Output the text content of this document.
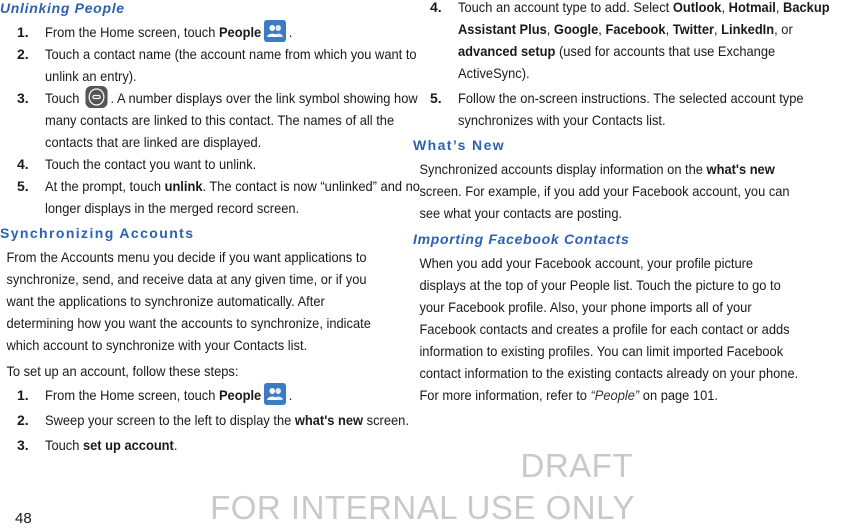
Unlinking People
1. From the Home screen, touch People .
2. Touch a contact name (the account name from which you want to unlink an entry).
3. Touch
. A number displays over the link symbol showing how many contacts are linked to this contact. The names of all the contacts that are linked are displayed.
4. Touch the contact you want to unlink.
5. At the prompt, touch unlink. The contact is now “unlinked” and no longer displays in the merged record screen.
Synchronizing Accounts

From the Accounts menu you decide if you want applications to synchronize, send, and receive data at any given time, or if you want the applications to synchronize automatically. After determining how you want the accounts to synchronize, indicate which account to synchronize with your Contacts list.

To set up an account, follow these steps:

1. From the Home screen, touch People .
2. Sweep your screen to the left to display the what's new screen.
3. Touch set up account.
4. Touch an account type to add. Select Outlook, Hotmail, Backup Assistant Plus, Google, Facebook, Twitter, LinkedIn, or advanced setup (used for accounts that use Exchange ActiveSync).
5. Follow the on-screen instructions. The selected account type synchronizes with your Contacts list.
What’s New

Synchronized accounts display information on the what's new screen. For example, if you add your Facebook account, you can see what your contacts are posting.

Importing Facebook Contacts

When you add your Facebook account, your profile picture displays at the top of your People list. Touch the picture to go to your Facebook profile. Also, your phone imports all of your Facebook contacts and creates a profile for each contact or adds information to existing profiles. You can limit imported Facebook contact information to the existing contacts already on your phone. For more information, refer to “People” on page 101.

48

DRAFT
FOR INTERNAL USE ONLY
